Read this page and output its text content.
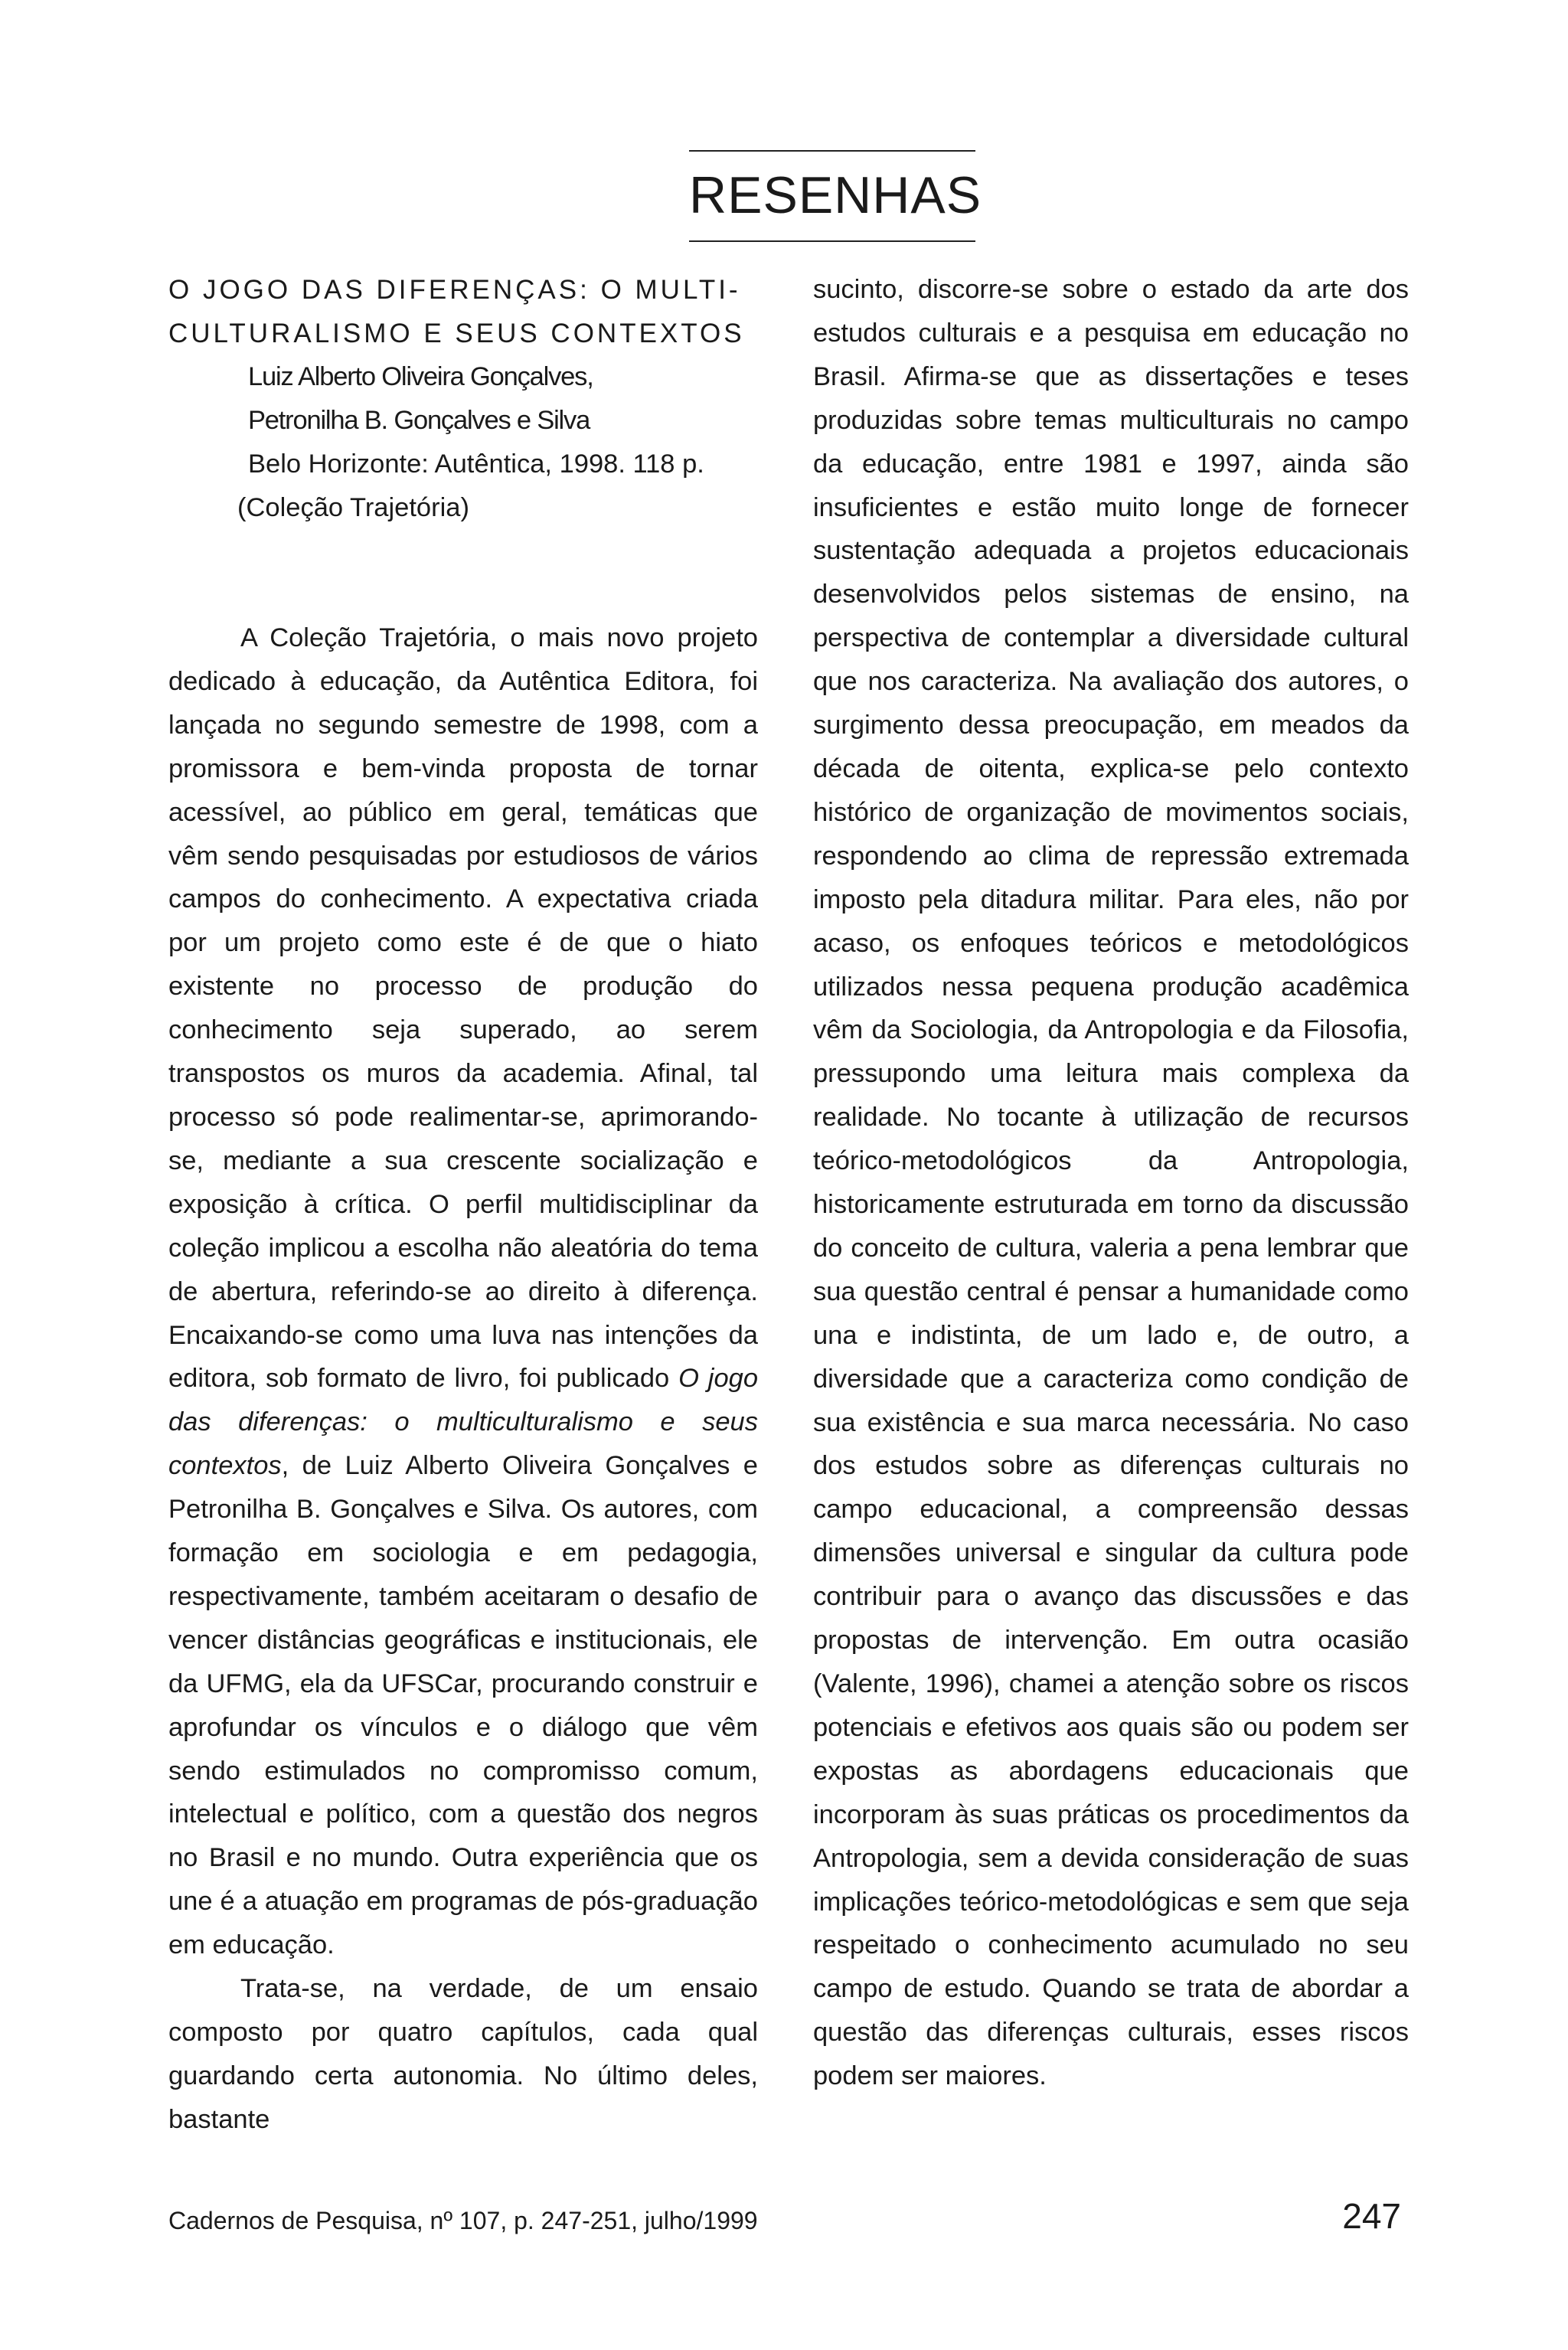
RESENHAS
O JOGO DAS DIFERENÇAS: O MULTI-
CULTURALISMO E SEUS CONTEXTOS
Luiz Alberto Oliveira Gonçalves,
Petronilha B. Gonçalves e Silva
Belo Horizonte: Autêntica, 1998. 118 p.
(Coleção Trajetória)

A Coleção Trajetória, o mais novo projeto dedicado à educação, da Autêntica Editora, foi lançada no segundo semestre de 1998, com a promissora e bem-vinda proposta de tornar acessível, ao público em geral, temáticas que vêm sendo pesquisadas por estudiosos de vários campos do conhecimento. A expectativa criada por um projeto como este é de que o hiato existente no processo de produção do conhecimento seja superado, ao serem transpostos os muros da academia. Afinal, tal processo só pode realimentar-se, aprimorando-se, mediante a sua crescente socialização e exposição à crítica. O perfil multidisciplinar da coleção implicou a escolha não aleatória do tema de abertura, referindo-se ao direito à diferença. Encaixando-se como uma luva nas intenções da editora, sob formato de livro, foi publicado O jogo das diferenças: o multiculturalismo e seus contextos, de Luiz Alberto Oliveira Gonçalves e Petronilha B. Gonçalves e Silva. Os autores, com formação em sociologia e em pedagogia, respectivamente, também aceitaram o desafio de vencer distâncias geográficas e institucionais, ele da UFMG, ela da UFSCar, procurando construir e aprofundar os vínculos e o diálogo que vêm sendo estimulados no compromisso comum, intelectual e político, com a questão dos negros no Brasil e no mundo. Outra experiência que os une é a atuação em programas de pós-graduação em educação.

Trata-se, na verdade, de um ensaio composto por quatro capítulos, cada qual guardando certa autonomia. No último deles, bastante

sucinto, discorre-se sobre o estado da arte dos estudos culturais e a pesquisa em educação no Brasil. Afirma-se que as dissertações e teses produzidas sobre temas multiculturais no campo da educação, entre 1981 e 1997, ainda são insuficientes e estão muito longe de fornecer sustentação adequada a projetos educacionais desenvolvidos pelos sistemas de ensino, na perspectiva de contemplar a diversidade cultural que nos caracteriza. Na avaliação dos autores, o surgimento dessa preocupação, em meados da década de oitenta, explica-se pelo contexto histórico de organização de movimentos sociais, respondendo ao clima de repressão extremada imposto pela ditadura militar. Para eles, não por acaso, os enfoques teóricos e metodológicos utilizados nessa pequena produção acadêmica vêm da Sociologia, da Antropologia e da Filosofia, pressupondo uma leitura mais complexa da realidade. No tocante à utilização de recursos teórico-metodológicos da Antropologia, historicamente estruturada em torno da discussão do conceito de cultura, valeria a pena lembrar que sua questão central é pensar a humanidade como una e indistinta, de um lado e, de outro, a diversidade que a caracteriza como condição de sua existência e sua marca necessária. No caso dos estudos sobre as diferenças culturais no campo educacional, a compreensão dessas dimensões universal e singular da cultura pode contribuir para o avanço das discussões e das propostas de intervenção. Em outra ocasião (Valente, 1996), chamei a atenção sobre os riscos potenciais e efetivos aos quais são ou podem ser expostas as abordagens educacionais que incorporam às suas práticas os procedimentos da Antropologia, sem a devida consideração de suas implicações teórico-metodológicas e sem que seja respeitado o conhecimento acumulado no seu campo de estudo. Quando se trata de abordar a questão das diferenças culturais, esses riscos podem ser maiores.

Cadernos de Pesquisa, nº 107, p. 247-251, julho/1999	247
